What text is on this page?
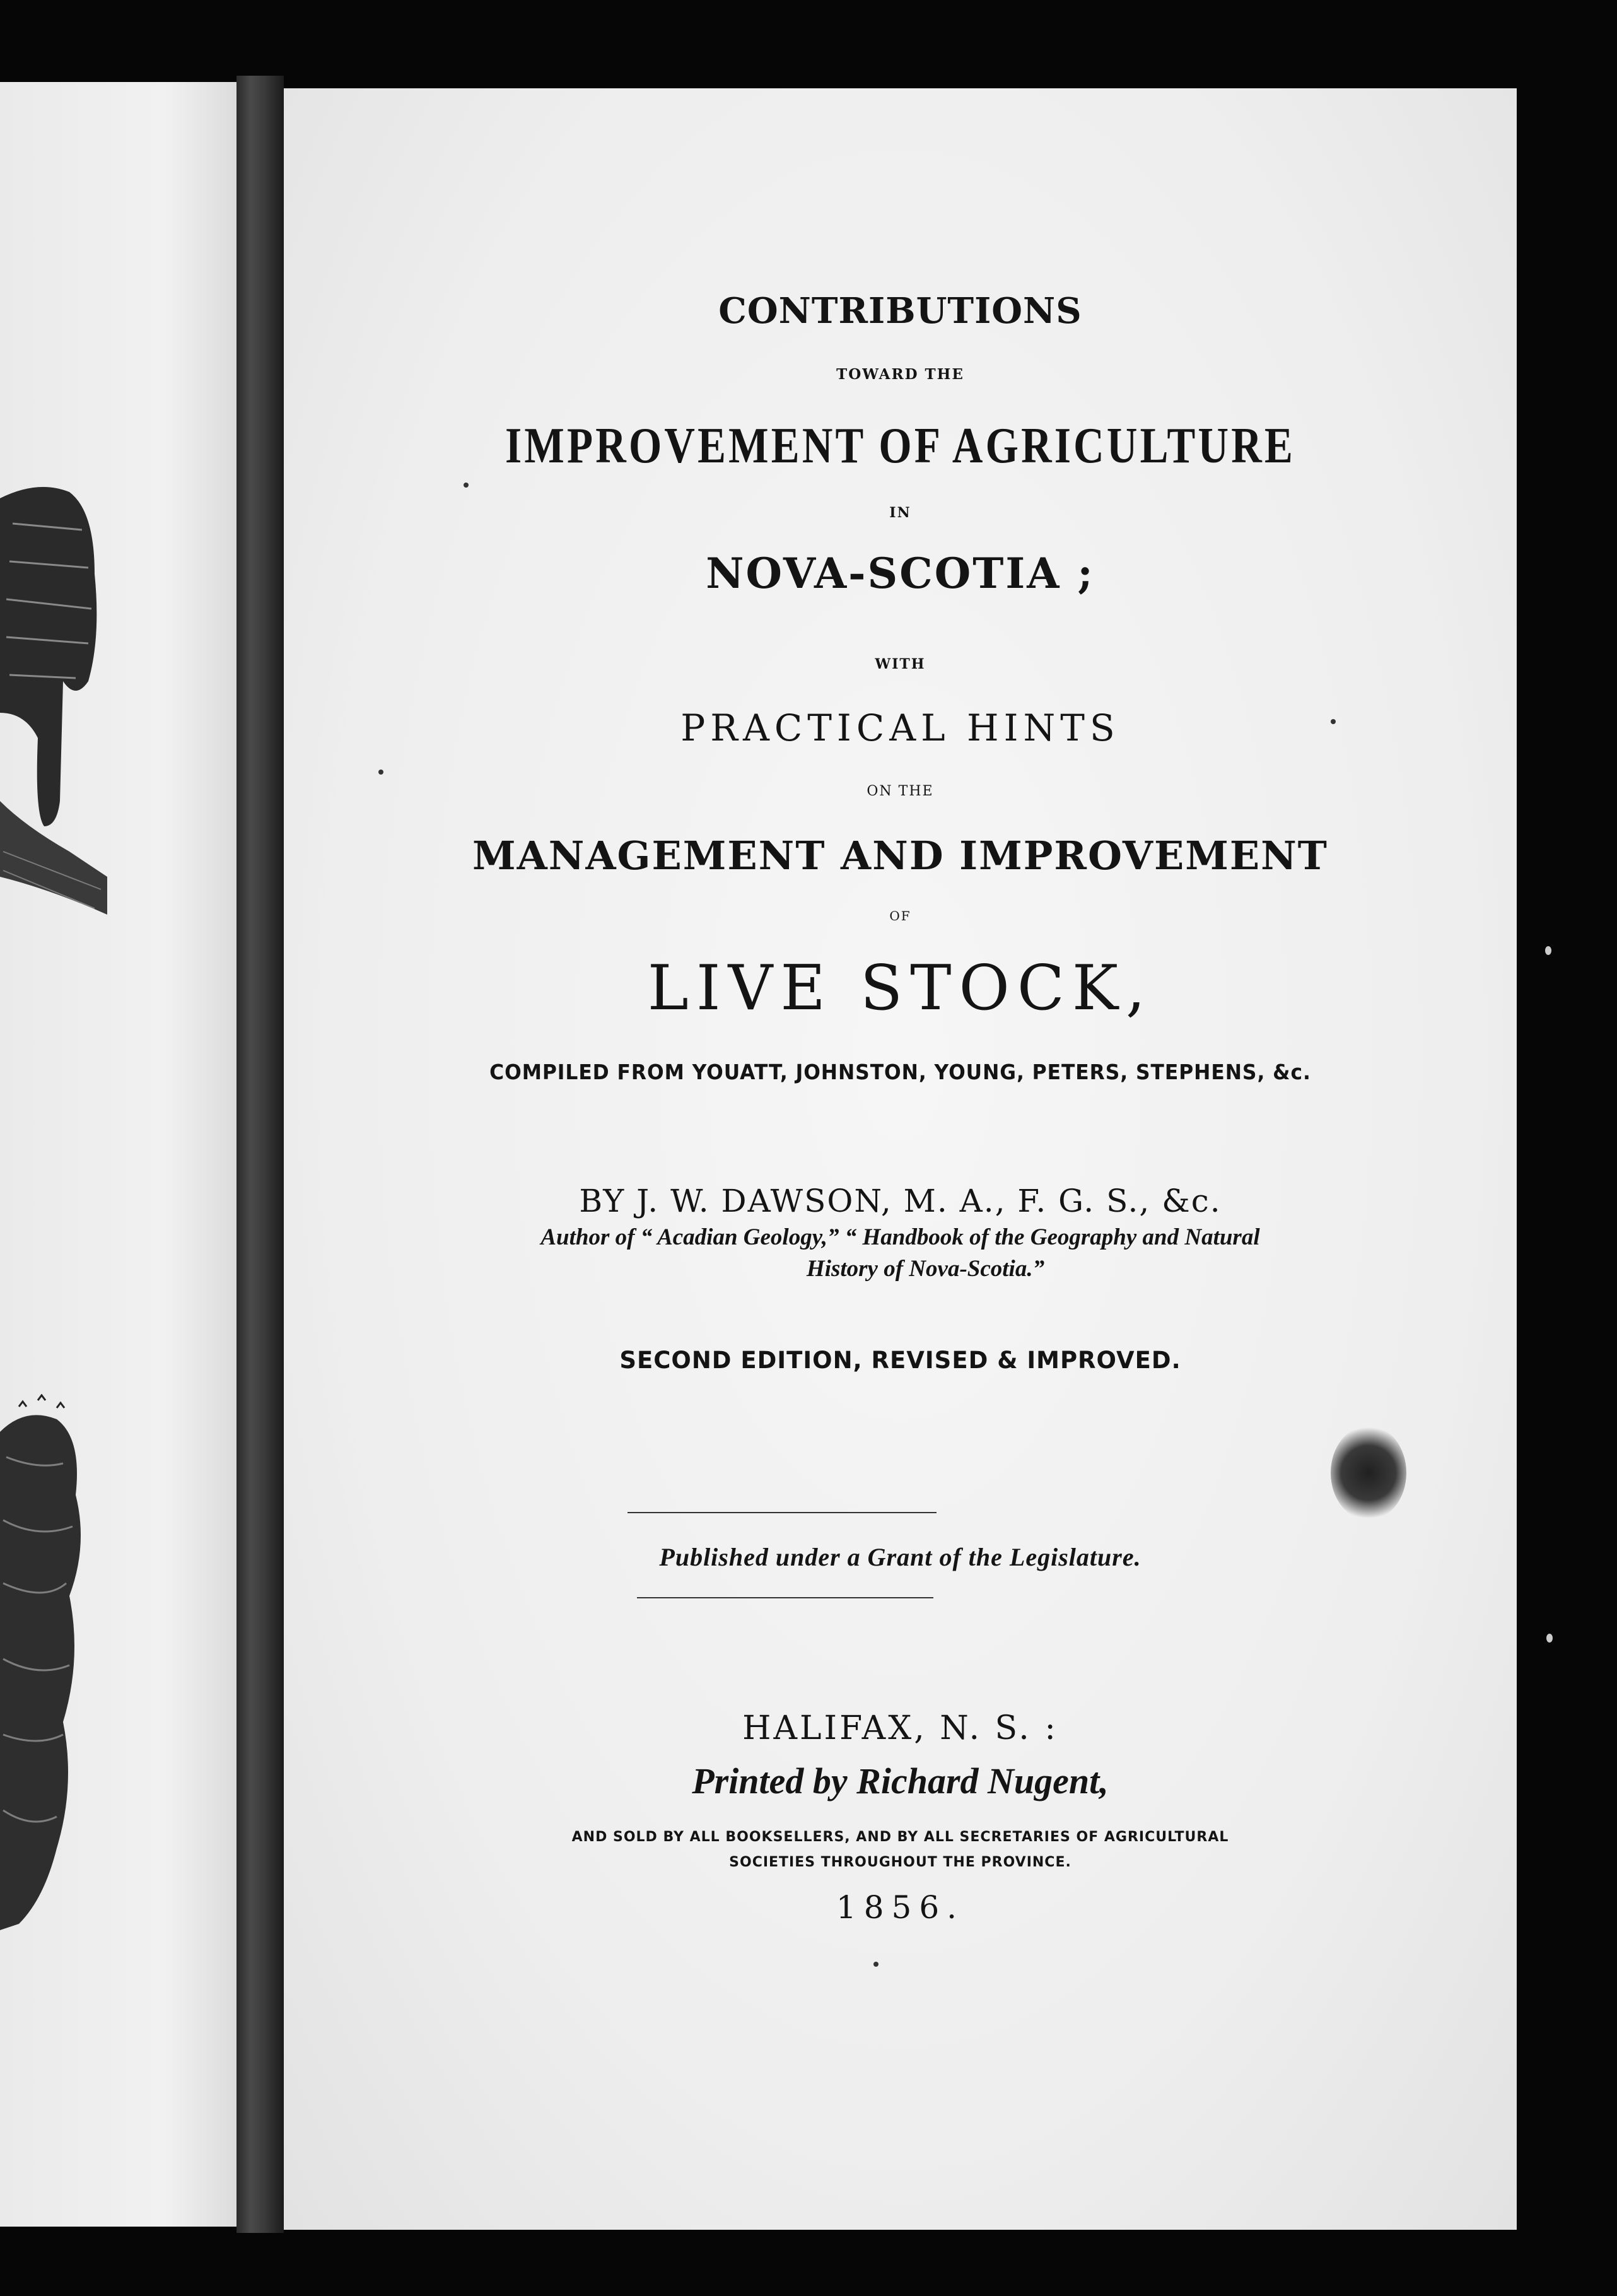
CONTRIBUTIONS

TOWARD THE

IMPROVEMENT OF AGRICULTURE

IN

NOVA-SCOTIA ;

WITH

PRACTICAL HINTS

ON THE

MANAGEMENT AND IMPROVEMENT

OF

LIVE STOCK,

COMPILED FROM YOUATT, JOHNSTON, YOUNG, PETERS, STEPHENS, &c.

BY J. W. DAWSON, M. A., F. G. S., &c.

Author of “ Acadian Geology,” “ Handbook of the Geography and Natural

History of Nova-Scotia.”

SECOND EDITION, REVISED & IMPROVED.

Published under a Grant of the Legislature.

HALIFAX, N. S. :

Printed by Richard Nugent,

AND SOLD BY ALL BOOKSELLERS, AND BY ALL SECRETARIES OF AGRICULTURAL

SOCIETIES THROUGHOUT THE PROVINCE.

1856.
